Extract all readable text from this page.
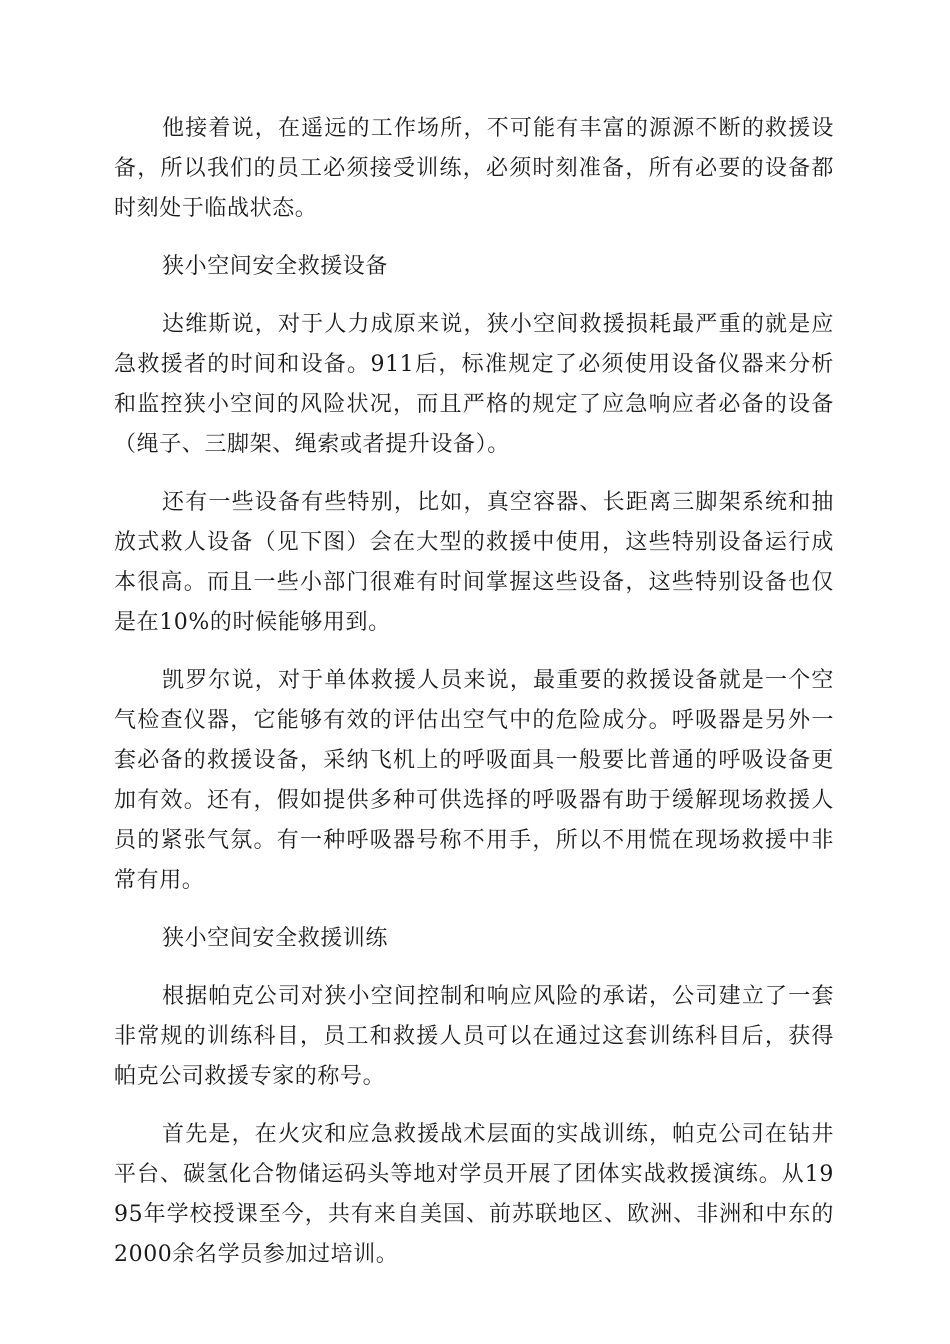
他接着说，在遥远的工作场所，不可能有丰富的源源不断的救援设备，所以我们的员工必须接受训练，必须时刻准备，所有必要的设备都时刻处于临战状态。

狭小空间安全救援设备

达维斯说，对于人力成原来说，狭小空间救援损耗最严重的就是应急救援者的时间和设备。911后，标准规定了必须使用设备仪器来分析和监控狭小空间的风险状况，而且严格的规定了应急响应者必备的设备（绳子、三脚架、绳索或者提升设备）。

还有一些设备有些特别，比如，真空容器、长距离三脚架系统和抽放式救人设备（见下图）会在大型的救援中使用，这些特别设备运行成本很高。而且一些小部门很难有时间掌握这些设备，这些特别设备也仅是在10%的时候能够用到。

凯罗尔说，对于单体救援人员来说，最重要的救援设备就是一个空气检查仪器，它能够有效的评估出空气中的危险成分。呼吸器是另外一套必备的救援设备，采纳飞机上的呼吸面具一般要比普通的呼吸设备更加有效。还有，假如提供多种可供选择的呼吸器有助于缓解现场救援人员的紧张气氛。有一种呼吸器号称不用手，所以不用慌在现场救援中非常有用。

狭小空间安全救援训练

根据帕克公司对狭小空间控制和响应风险的承诺，公司建立了一套非常规的训练科目，员工和救援人员可以在通过这套训练科目后，获得帕克公司救援专家的称号。

首先是，在火灾和应急救援战术层面的实战训练，帕克公司在钻井平台、碳氢化合物储运码头等地对学员开展了团体实战救援演练。从1995年学校授课至今，共有来自美国、前苏联地区、欧洲、非洲和中东的2000余名学员参加过培训。
